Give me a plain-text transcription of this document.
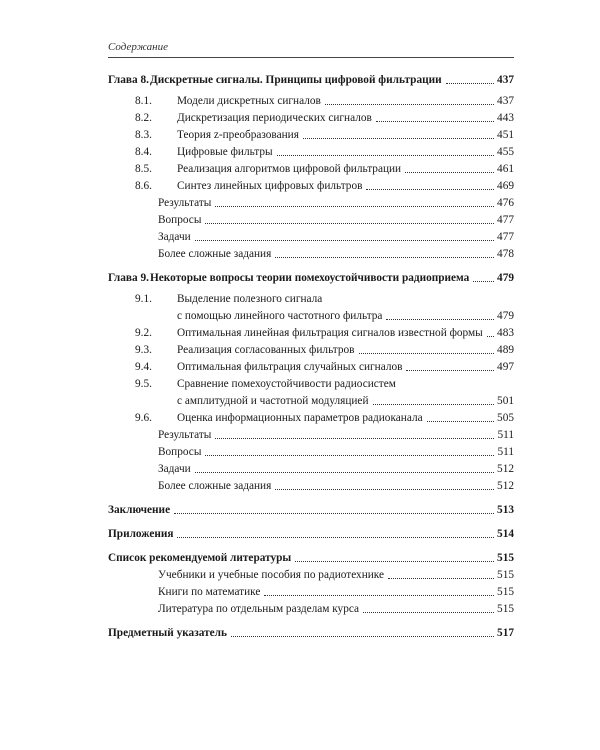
Содержание
Глава 8. Дискретные сигналы. Принципы цифровой фильтрации	437
8.1.	Модели дискретных сигналов	437
8.2.	Дискретизация периодических сигналов	443
8.3.	Теория z-преобразования	451
8.4.	Цифровые фильтры	455
8.5.	Реализация алгоритмов цифровой фильтрации	461
8.6.	Синтез линейных цифровых фильтров	469
Результаты	476
Вопросы	477
Задачи	477
Более сложные задания	478
Глава 9. Некоторые вопросы теории помехоустойчивости радиоприема 479
9.1.	Выделение полезного сигнала
с помощью линейного частотного фильтра	479
9.2.	Оптимальная линейная фильтрация сигналов известной формы 483
9.3.	Реализация согласованных фильтров	489
9.4.	Оптимальная фильтрация случайных сигналов	497
9.5.	Сравнение помехоустойчивости радиосистем
с амплитудной и частотной модуляцией	501
9.6.	Оценка информационных параметров радиоканала	505
Результаты	511
Вопросы	511
Задачи	512
Более сложные задания	512
Заключение	513
Приложения	514
Список рекомендуемой литературы	515
Учебники и учебные пособия по радиотехнике	515
Книги по математике	515
Литература по отдельным разделам курса	515
Предметный указатель	517
